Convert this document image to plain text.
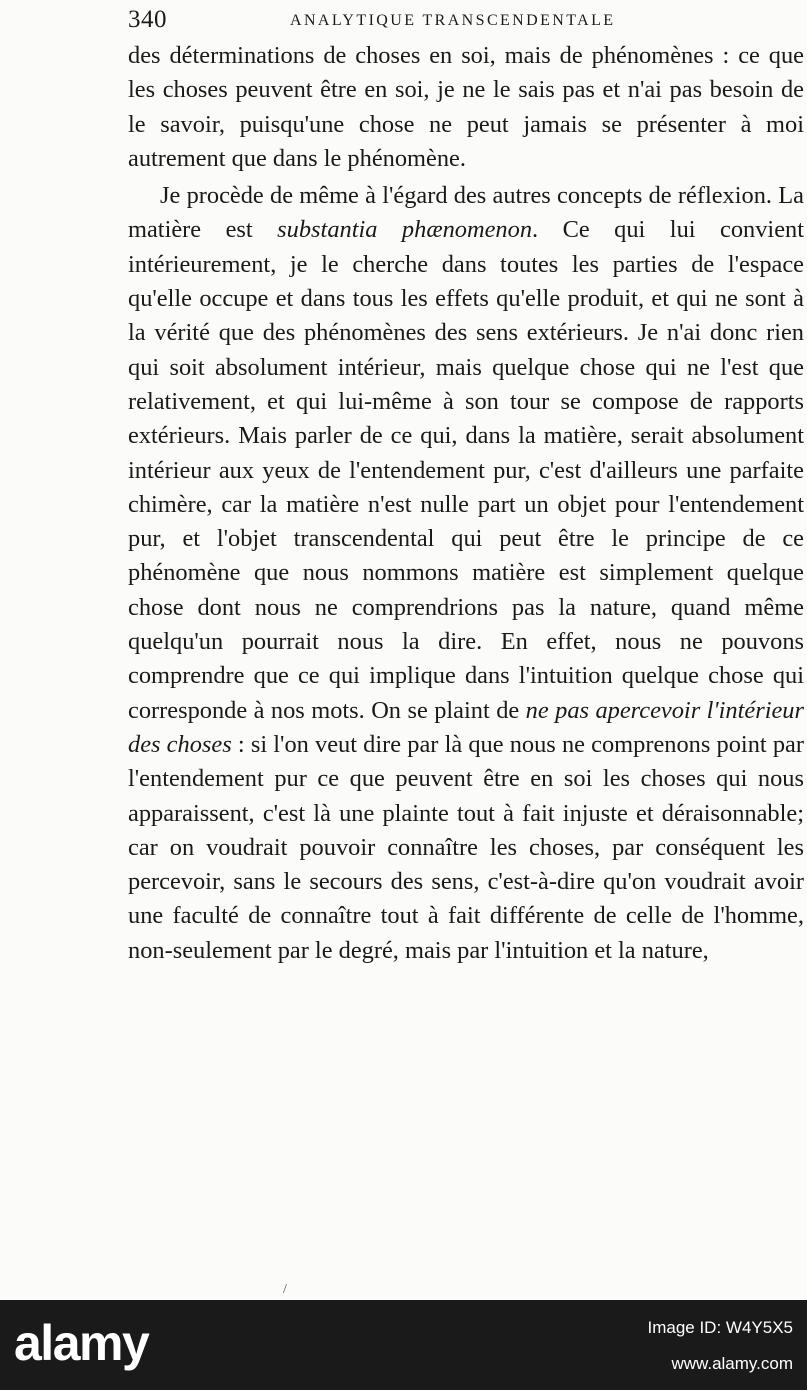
340	ANALYTIQUE TRANSCENDENTALE

des déterminations de choses en soi, mais de phénomènes : ce que les choses peuvent être en soi, je ne le sais pas et n'ai pas besoin de le savoir, puisqu'une chose ne peut jamais se présenter à moi autrement que dans le phénomène.

Je procède de même à l'égard des autres concepts de réflexion. La matière est substantia phænomenon. Ce qui lui convient intérieurement, je le cherche dans toutes les parties de l'espace qu'elle occupe et dans tous les effets qu'elle produit, et qui ne sont à la vérité que des phénomènes des sens extérieurs. Je n'ai donc rien qui soit absolument intérieur, mais quelque chose qui ne l'est que relativement, et qui lui-même à son tour se compose de rapports extérieurs. Mais parler de ce qui, dans la matière, serait absolument intérieur aux yeux de l'entendement pur, c'est d'ailleurs une parfaite chimère, car la matière n'est nulle part un objet pour l'entendement pur, et l'objet transcendental qui peut être le principe de ce phénomène que nous nommons matière est simplement quelque chose dont nous ne comprendrions pas la nature, quand même quelqu'un pourrait nous la dire. En effet, nous ne pouvons comprendre que ce qui implique dans l'intuition quelque chose qui corresponde à nos mots. On se plaint de ne pas apercevoir l'intérieur des choses : si l'on veut dire par là que nous ne comprenons point par l'entendement pur ce que peuvent être en soi les choses qui nous apparaissent, c'est là une plainte tout à fait injuste et déraisonnable; car on voudrait pouvoir connaître les choses, par conséquent les percevoir, sans le secours des sens, c'est-à-dire qu'on voudrait avoir une faculté de connaître tout à fait différente de celle de l'homme, non-seulement par le degré, mais par l'intuition et la nature,

/
alamy	Image ID: W4Y5X5
www.alamy.com
